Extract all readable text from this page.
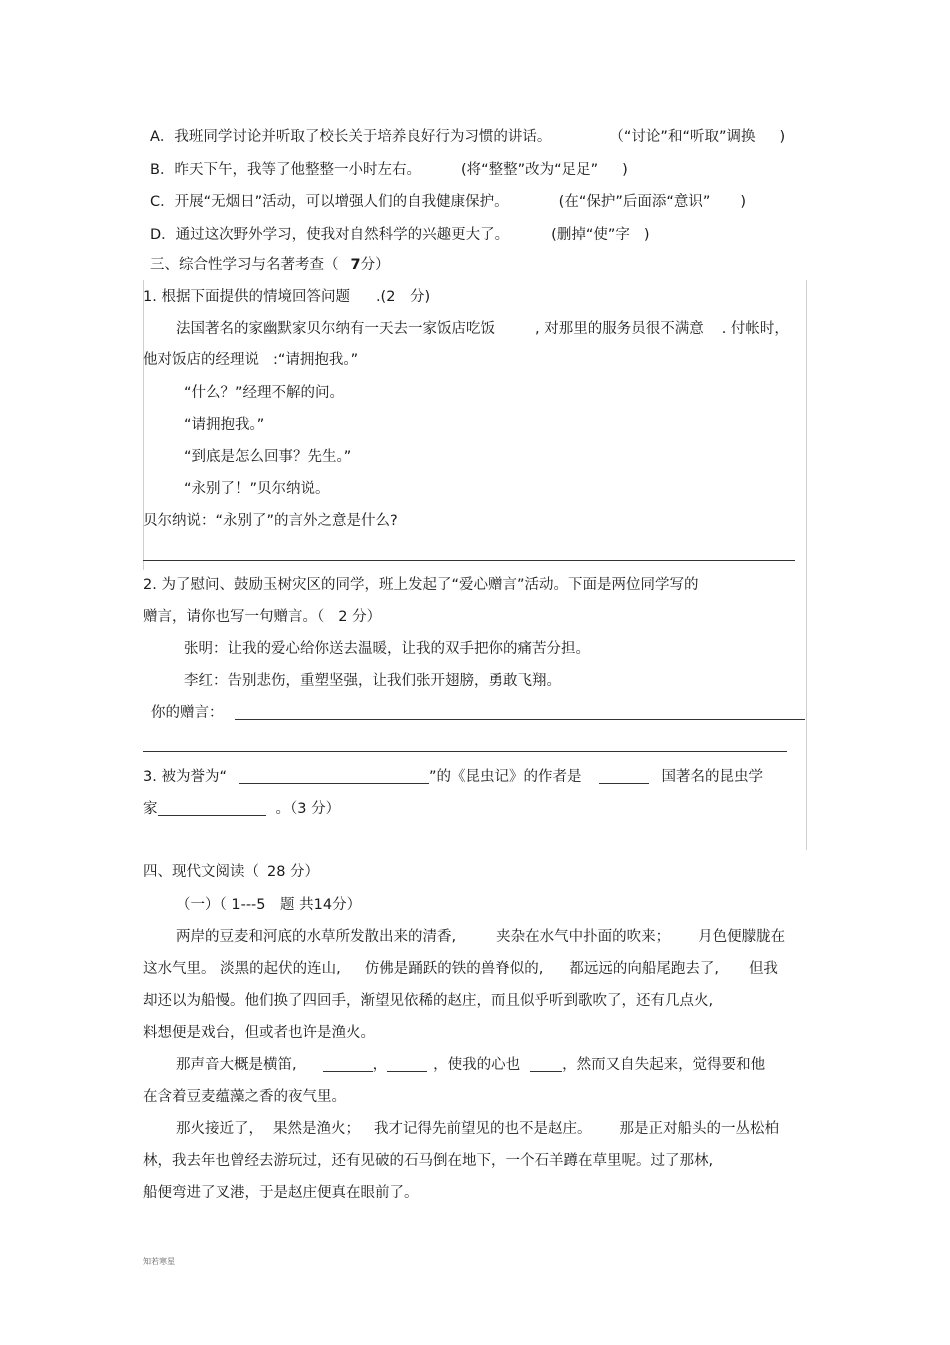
A．我班同学讨论并听取了校长关于培养良好行为习惯的讲话。	（“讨论”和“听取”调换 )
B．昨天下午，我等了他整整一小时左右。	(将“整整”改为“足足” )
C．开展“无烟日”活动，可以增强人们的自我健康保护。	(在“保护”后面添“意识” )
D．通过这次野外学习，使我对自然科学的兴趣更大了。	(删掉“使”字 )
三、综合性学习与名著考查（ 7分）
1. 根据下面提供的情境回答问题 .(2　分)
法国著名的家幽默家贝尔纳有一天去一家饭店吃饭	, 对那里的服务员很不满意 . 付帐时，
他对饭店的经理说 :“请拥抱我。”
“什么？”经理不解的问。
“请拥抱我。”
“到底是怎么回事？先生。”
“永别了！”贝尔纳说。
贝尔纳说：“永别了”的言外之意是什么?
2. 为了慰问、鼓励玉树灾区的同学，班上发起了“爱心赠言”活动。下面是两位同学写的
赠言，请你也写一句赠言。（ 2 分）
张明：让我的爱心给你送去温暖，让我的双手把你的痛苦分担。
李红：告别悲伤，重塑坚强，让我们张开翅膀，勇敢飞翔。
你的赠言：
3. 被为誉为“	”的《昆虫记》的作者是	国著名的昆虫学
家	。（3 分）
四、现代文阅读（ 28 分）
（一）（ 1---5　题 共14分）
两岸的豆麦和河底的水草所发散出来的清香,	夹杂在水气中扑面的吹来； 月色便朦胧在
这水气里。 淡黑的起伏的连山, 仿佛是踊跃的铁的兽脊似的, 都远远的向船尾跑去了, 但我
却还以为船慢。他们换了四回手，渐望见依稀的赵庄，而且似乎听到歌吹了，还有几点火,
料想便是戏台，但或者也许是渔火。
那声音大概是横笛,	，	，使我的心也	，然而又自失起来，觉得要和他
在含着豆麦蕴藻之香的夜气里。
那火接近了， 果然是渔火； 我才记得先前望见的也不是赵庄。 那是正对船头的一丛松柏
林，我去年也曾经去游玩过，还有见破的石马倒在地下，一个石羊蹲在草里呢。过了那林,
船便弯进了叉港，于是赵庄便真在眼前了。
知若寒星
